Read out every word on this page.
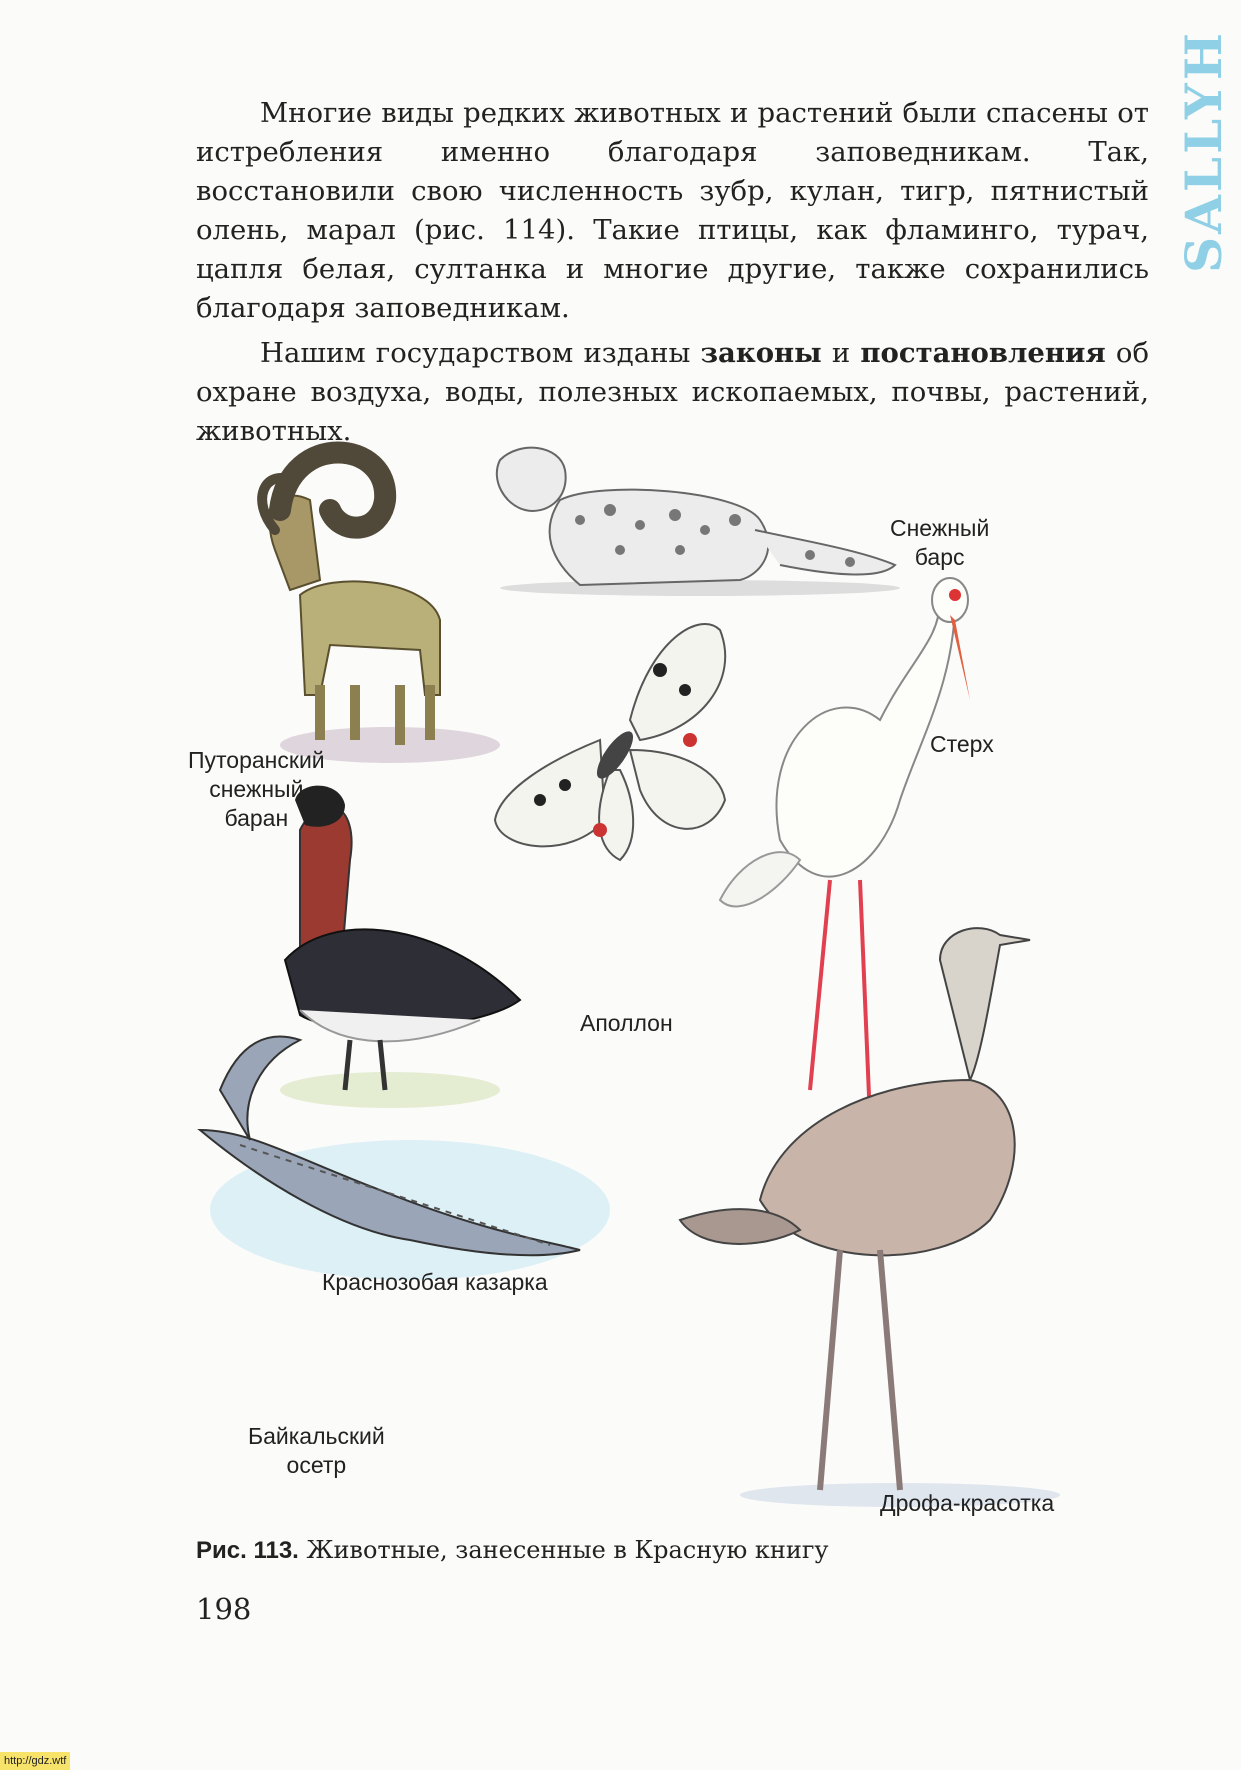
SALLYH

Многие виды редких животных и растений были спасены от истребления именно благодаря заповедникам. Так, восстановили свою численность зубр, кулан, тигр, пятнистый олень, марал (рис. 114). Такие птицы, как фламинго, турач, цапля белая, султанка и многие другие, также сохранились благодаря заповедникам.

Нашим государством изданы законы и постановления об охране воздуха, воды, полезных ископаемых, почвы, растений, животных.

Снежный
барс
Путоранский
снежный
баран
Стерх
Аполлон
Краснозобая казарка
Байкальский
осетр
Дрофа-красотка
Рис. 113. Животные, занесенные в Красную книгу
198
http://gdz.wtf
